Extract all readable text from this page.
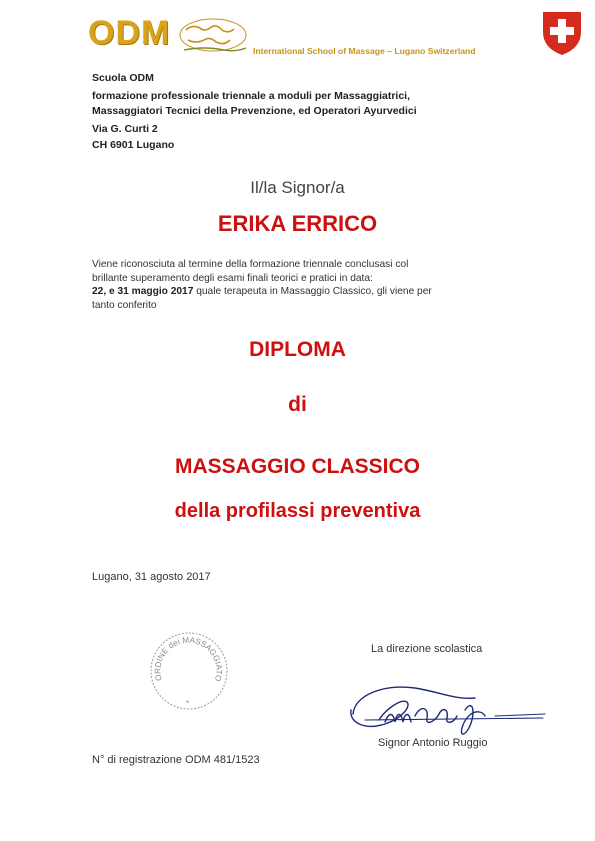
ODM	International School of Massage – Lugano Switzerland
Scuola ODM
formazione professionale triennale a moduli per Massaggiatrici,
Massaggiatori Tecnici della Prevenzione, ed Operatori Ayurvedici
Via G. Curti 2
CH 6901 Lugano
Il/la Signor/a
ERIKA ERRICO
Viene riconosciuta al termine della formazione triennale conclusasi col
brillante superamento degli esami finali teorici e pratici in data:
22, e 31 maggio 2017 quale terapeuta in Massaggio Classico, gli viene per
tanto conferito
DIPLOMA
di
MASSAGGIO CLASSICO
della profilassi preventiva
Lugano, 31 agosto 2017
ORDINE dei MASSAGGIATO
*
La direzione scolastica
Signor Antonio Ruggio
N° di registrazione ODM 481/1523
